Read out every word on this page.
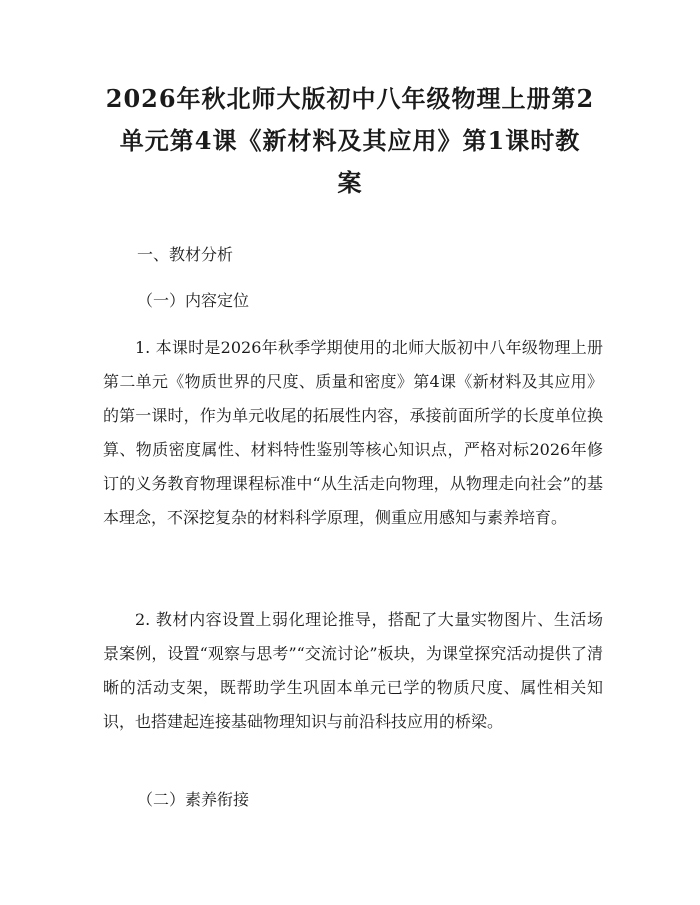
2026年秋北师大版初中八年级物理上册第2
单元第4课《新材料及其应用》第1课时教
案

一、教材分析

（一）内容定位

1. 本课时是2026年秋季学期使用的北师大版初中八年级物理上册第二单元《物质世界的尺度、质量和密度》第4课《新材料及其应用》的第一课时，作为单元收尾的拓展性内容，承接前面所学的长度单位换算、物质密度属性、材料特性鉴别等核心知识点，严格对标2026年修订的义务教育物理课程标准中“从生活走向物理，从物理走向社会”的基本理念，不深挖复杂的材料科学原理，侧重应用感知与素养培育。

2. 教材内容设置上弱化理论推导，搭配了大量实物图片、生活场景案例，设置“观察与思考”“交流讨论”板块，为课堂探究活动提供了清晰的活动支架，既帮助学生巩固本单元已学的物质尺度、属性相关知识，也搭建起连接基础物理知识与前沿科技应用的桥梁。

（二）素养衔接
